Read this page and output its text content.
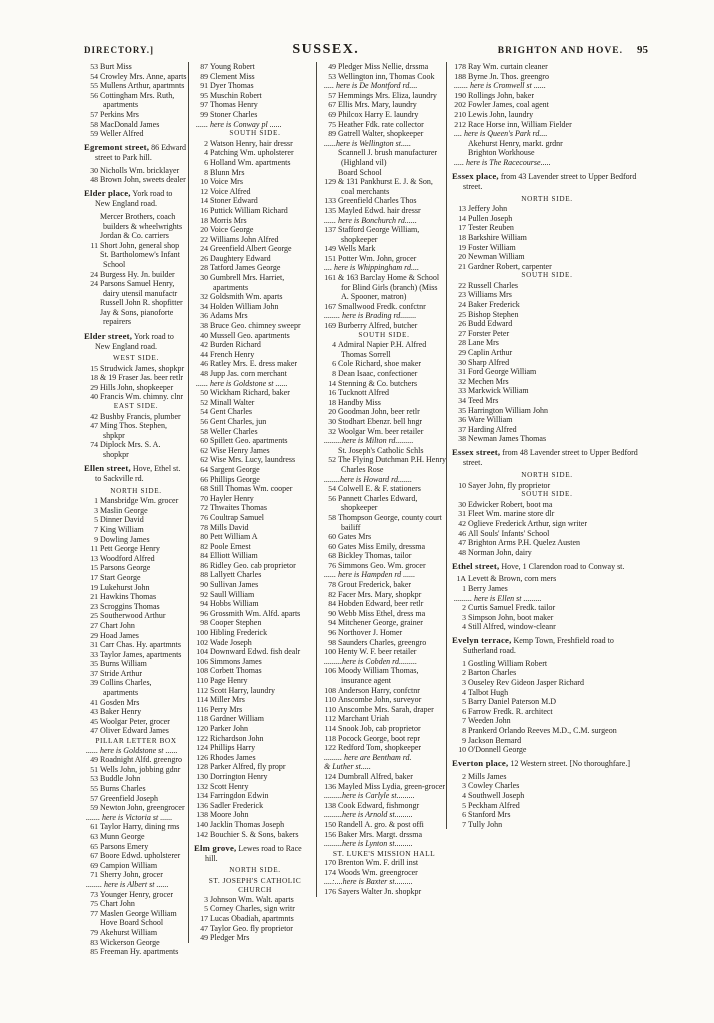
DIRECTORY.]	SUSSEX.	BRIGHTON AND HOVE. 95
53 Burt Miss
54 Crowley Mrs. Anne, aparts
55 Mullens Arthur, apartmnts
56 Cottingham Mrs. Ruth, apartments
57 Perkins Mrs
58 MacDonald James
59 Weller Alfred
Egremont street, 86 Edward street to Park hill.
30 Nicholls Wm. bricklayer
48 Brown John, sweets dealer
Elder place, York road to New England road.
Mercer Brothers, coach builders & wheelwrights
Jordan & Co. carriers
11 Short John, general shop
St. Bartholomew's Infant School
24 Burgess Hy. Jn. builder
24 Parsons Samuel Henry, dairy utensil manufactr
Russell John R. shopfitter
Jay & Sons, pianoforte repairers
Elder street, York road to New England road.
WEST SIDE.
15 Strudwick James, shopkpr
18 & 19 Fraser Jas. beer retlr
29 Hills John, shopkeeper
40 Francis Wm. chimny. clnr
EAST SIDE.
42 Bushby Francis, plumber
47 Ming Thos. Stephen, shpkpr
74 Diplock Mrs. S. A. shopkpr
Ellen street, Hove, Ethel st. to Sackville rd.
NORTH SIDE.
1 Mansbridge Wm. grocer
3 Maslin George
5 Dinner David
7 King William
9 Dowling James
11 Pett George Henry
13 Woodford Alfred
15 Parsons George
17 Start George
19 Lukehurst John
21 Hawkins Thomas
23 Scroggins Thomas
25 Southerwood Arthur
27 Chart John
29 Hoad James
31 Carr Chas. Hy. apartmnts
33 Taylor James, apartments
35 Burns William
37 Stride Arthur
39 Collins Charles, apartments
41 Gosden Mrs
43 Baker Henry
45 Woolgar Peter, grocer
47 Oliver Edward James
PILLAR LETTER BOX
...... here is Goldstone st ......
49 Roadnight Alfd. greengro
51 Wells John, jobbing gdnr
53 Buddle John
55 Burns Charles
57 Greenfield Joseph
59 Newton John, greengrocer
....... here is Victoria st ......
61 Taylor Harry, dining rms
63 Munn George
65 Parsons Emery
67 Boore Edwd. upholsterer
69 Campion William
71 Sherry John, grocer
........ here is Albert st ......
73 Younger Henry, grocer
75 Chart John
77 Maslen George William
Hove Board School
79 Akehurst William
83 Wickerson George
85 Freeman Hy. apartments
87 Young Robert
89 Clement Miss
91 Dyer Thomas
95 Muschin Robert
97 Thomas Henry
99 Stoner Charles
...... here is Conway pl ......
SOUTH SIDE.
2 Watson Henry, hair dressr
4 Patching Wm. upholsterer
6 Holland Wm. apartments
8 Blunn Mrs
10 Voice Mrs
12 Voice Alfred
14 Stoner Edward
16 Puttick William Richard
18 Morris Mrs
20 Voice George
22 Williams John Alfred
24 Greenfield Albert George
26 Daughtery Edward
28 Tatford James George
30 Gumbrell Mrs. Harriet, apartments
32 Goldsmith Wm. aparts
34 Holden William John
36 Adams Mrs
38 Bruce Geo. chimney sweepr
40 Mussell Geo. apartments
42 Burden Richard
44 French Henry
46 Ratley Mrs. E. dress maker
48 Jupp Jas. corn merchant
...... here is Goldstone st ......
50 Wickham Richard, baker
52 Minall Walter
54 Gent Charles
56 Gent Charles, jun
58 Weller Charles
60 Spillett Geo. apartments
62 Wise Henry James
62 Wise Mrs. Lucy, laundress
64 Sargent George
66 Phillips George
68 Still Thomas Wm. cooper
70 Hayler Henry
72 Thwaites Thomas
76 Coultrap Samuel
78 Mills David
80 Pett William A
82 Poole Ernest
84 Elliott William
86 Ridley Geo. cab proprietor
88 Lallyett Charles
90 Sullivan James
92 Saull William
94 Hobbs William
96 Grossmith Wm. Alfd. aparts
98 Cooper Stephen
100 Hibling Frederick
102 Wade Joseph
104 Downward Edwd. fish dealr
106 Simmons James
108 Corbett Thomas
110 Page Henry
112 Scott Harry, laundry
114 Miller Mrs
116 Perry Mrs
118 Gardner William
120 Parker John
122 Richardson John
124 Phillips Harry
126 Rhodes James
128 Parker Alfred, fly propr
130 Dorrington Henry
132 Scott Henry
134 Farringdon Edwin
136 Sadler Frederick
138 Moore John
140 Jacklin Thomas Joseph
142 Bouchier S. & Sons, bakers
Elm grove, Lewes road to Race hill.
NORTH SIDE.
ST. JOSEPH'S CATHOLIC CHURCH
3 Johnson Wm. Walt. aparts
5 Corney Charles, sign writr
17 Lucas Obadiah, apartmnts
47 Taylor Geo. fly proprietor
49 Pledger Mrs
49 Pledger Miss Nellie, drssma
53 Wellington inn, Thomas Cook
..... here is De Montford rd....
57 Hemmings Mrs. Eliza, laundry
67 Ellis Mrs. Mary, laundry
69 Philcox Harry E. laundry
75 Heather Fdk. rate collector
89 Gatrell Walter, shopkeeper
......here is Wellington st.....
Scannell J. brush manufacturer (Highland vil)
Board School
129 & 131 Pankhurst E. J. & Son, coal merchants
133 Greenfield Charles Thos
135 Mayled Edwd. hair dressr
...... here is Bonchurch rd......
137 Stafford George William, shopkeeper
149 Wells Mark
151 Potter Wm. John, grocer
.... here is Whippingham rd....
161 & 163 Barclay Home & School for Blind Girls (branch) (Miss A. Spooner, matron)
167 Smallwood Fredk. confctnr
........ here is Brading rd........
169 Burberry Alfred, butcher
SOUTH SIDE.
4 Admiral Napier P.H. Alfred Thomas Sorrell
6 Cole Richard, shoe maker
8 Dean Isaac, confectioner
14 Stenning & Co. butchers
16 Tucknott Alfred
18 Handby Miss
20 Goodman John, beer retlr
30 Stodhart Ebenzr. bell hngr
32 Woolgar Wm. beer retailer
.........here is Milton rd.........
St. Joseph's Catholic Schls
52 The Flying Dutchman P.H. Henry Charles Rose
........here is Howard rd.......
54 Colwell E. & F. stationers
56 Pannett Charles Edward, shopkeeper
58 Thompson George, county court bailiff
60 Gates Mrs
60 Gates Miss Emily, dressma
68 Bickley Thomas, tailor
76 Simmons Geo. Wm. grocer
...... here is Hampden rd ......
78 Grout Frederick, baker
82 Facer Mrs. Mary, shopkpr
84 Hobden Edward, beer retlr
90 Webb Miss Ethel, dress ma
94 Mitchener George, grainer
96 Northover J. Homer
98 Saunders Charles, greengro
100 Henty W. F. beer retailer
.........here is Cobden rd.........
106 Moody William Thomas, insurance agent
108 Anderson Harry, confctnr
110 Anscombe John, surveyor
110 Anscombe Mrs. Sarah, draper
112 Marchant Uriah
114 Snook Job, cab proprietor
118 Pocock George, boot repr
122 Redford Tom, shopkeeper
......... here are Bentham rd.
& Luther st.....
124 Dumbrall Alfred, baker
136 Mayled Miss Lydia, green-grocer
.........here is Carlyle st.........
138 Cook Edward, fishmongr
.........here is Arnold st.........
150 Randell A. gro. & post offi
156 Baker Mrs. Margt. drssma
.........here is Lynton st.........
ST. LUKE'S MISSION HALL
170 Brenton Wm. F. drill inst
174 Woods Wm. greengrocer
....:....here is Baxter st.........
176 Sayers Walter Jn. shopkpr
178 Ray Wm. curtain cleaner
188 Byrne Jn. Thos. greengro
....... here is Cromwell st ......
190 Rollings John, baker
202 Fowler James, coal agent
210 Lewis John, laundry
212 Race Horse inn, William Fielder
.... here is Queen's Park rd....
Akehurst Henry, markt. grdnr
Brighton Workhouse
..... here is The Racecourse.....
Essex place, from 43 Lavender street to Upper Bedford street.
NORTH SIDE.
13 Jeffery John
14 Pullen Joseph
17 Tester Reuben
18 Barkshire William
19 Foster William
20 Newman William
21 Gardner Robert, carpenter
SOUTH SIDE.
22 Russell Charles
23 Williams Mrs
24 Baker Frederick
25 Bishop Stephen
26 Budd Edward
27 Forster Peter
28 Lane Mrs
29 Caplin Arthur
30 Sharp Alfred
31 Ford George William
32 Mechen Mrs
33 Markwick William
34 Teed Mrs
35 Harrington William John
36 Ware William
37 Harding Alfred
38 Newman James Thomas
Essex street, from 48 Lavender street to Upper Bedford street.
NORTH SIDE.
10 Sayer John, fly proprietor
SOUTH SIDE.
30 Edwicker Robert, boot ma
31 Fleet Wm. marine store dlr
42 Oglieve Frederick Arthur, sign writer
46 All Souls' Infants' School
47 Brighton Arms P.H. Quelez Austen
48 Norman John, dairy
Ethel street, Hove, 1 Clarendon road to Conway st.
1A Levett & Brown, corn mers
1 Berry James
......... here is Ellen st .........
2 Curtis Samuel Fredk. tailor
3 Simpson John, boot maker
4 Still Alfred, window-cleanr
Evelyn terrace, Kemp Town, Freshfield road to Sutherland road.
1 Gostling William Robert
2 Barton Charles
3 Ouseley Rev Gideon Jasper Richard
4 Talbot Hugh
5 Barry Daniel Paterson M.D
6 Farrow Fredk. R. architect
7 Weeden John
8 Prankerd Orlando Reeves M.D., C.M. surgeon
9 Jackson Bernard
10 O'Donnell George
Everton place, 12 Western street. [No thoroughfare.]
2 Mills James
3 Cowley Charles
4 Southwell Joseph
5 Peckham Alfred
6 Stanford Mrs
7 Tully John
